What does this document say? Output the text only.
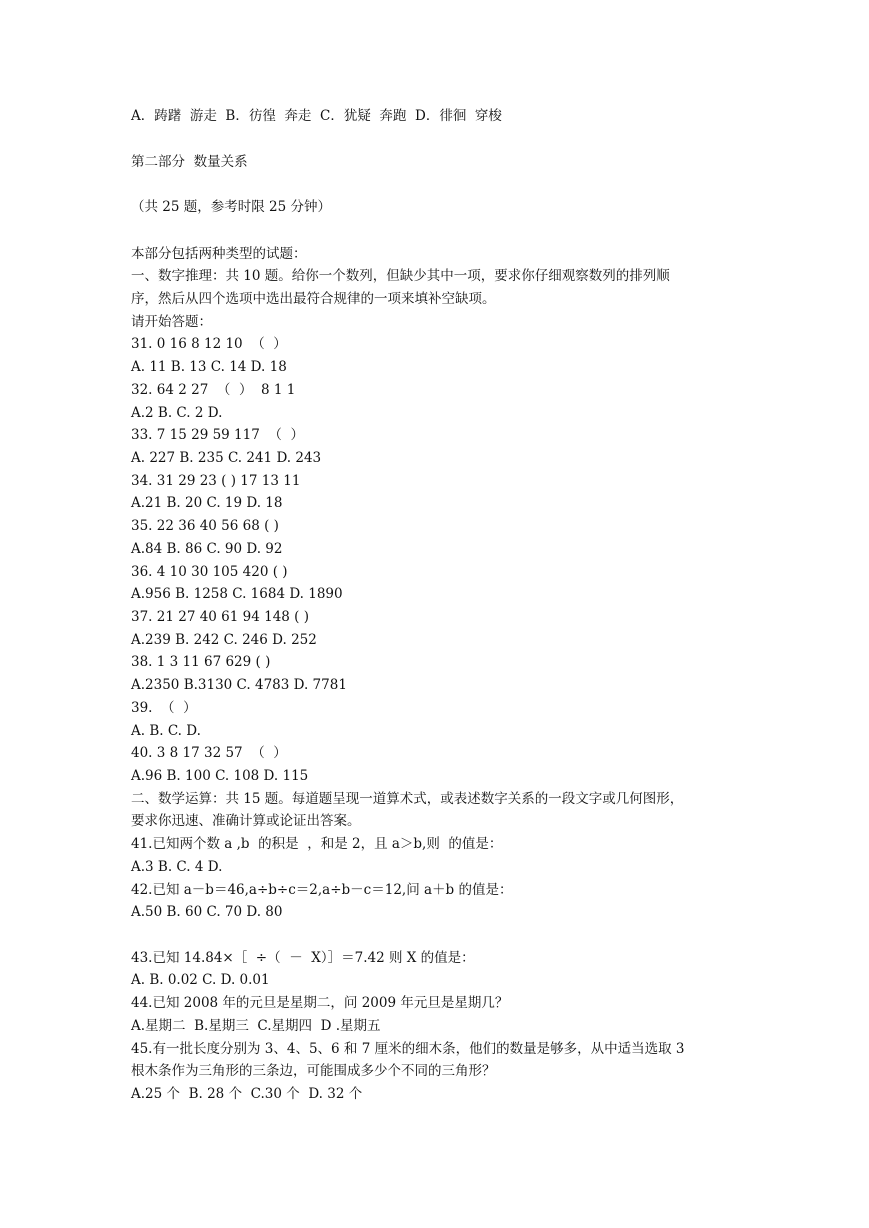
A．踌躇  游走  B．彷徨  奔走  C．犹疑  奔跑  D．徘徊  穿梭
第二部分  数量关系
（共 25 题，参考时限 25 分钟）
本部分包括两种类型的试题：
一、数字推理：共 10 题。给你一个数列，但缺少其中一项，要求你仔细观察数列的排列顺
序，然后从四个选项中选出最符合规律的一项来填补空缺项。
请开始答题：
31. 0 16 8 12 10  （  ）
A. 11 B. 13 C. 14 D. 18
32. 64 2 27  （  ）  8 1 1
A.2 B. C. 2 D.
33. 7 15 29 59 117  （  ）
A. 227 B. 235 C. 241 D. 243
34. 31 29 23 ( ) 17 13 11
A.21 B. 20 C. 19 D. 18
35. 22 36 40 56 68 ( )
A.84 B. 86 C. 90 D. 92
36. 4 10 30 105 420 ( )
A.956 B. 1258 C. 1684 D. 1890
37. 21 27 40 61 94 148 ( )
A.239 B. 242 C. 246 D. 252
38. 1 3 11 67 629 ( )
A.2350 B.3130 C. 4783 D. 7781
39.  （  ）
A. B. C. D.
40. 3 8 17 32 57  （  ）
A.96 B. 100 C. 108 D. 115
二、数学运算：共 15 题。每道题呈现一道算术式，或表述数字关系的一段文字或几何图形，
要求你迅速、准确计算或论证出答案。
41.已知两个数 a ,b  的积是  ，和是 2，且 a＞b,则  的值是：
A.3 B. C. 4 D.
42.已知 a－b＝46,a÷b÷c＝2,a÷b－c＝12,问 a＋b 的值是：
A.50 B. 60 C. 70 D. 80
43.已知 14.84×［  ÷（  －  X）］＝7.42 则 X 的值是：
A. B. 0.02 C. D. 0.01
44.已知 2008 年的元旦是星期二，问 2009 年元旦是星期几？
A.星期二  B.星期三  C.星期四  D .星期五
45.有一批长度分别为 3、4、5、6 和 7 厘米的细木条，他们的数量是够多，从中适当选取 3
根木条作为三角形的三条边，可能围成多少个不同的三角形？
A.25 个  B. 28 个  C.30 个  D. 32 个
